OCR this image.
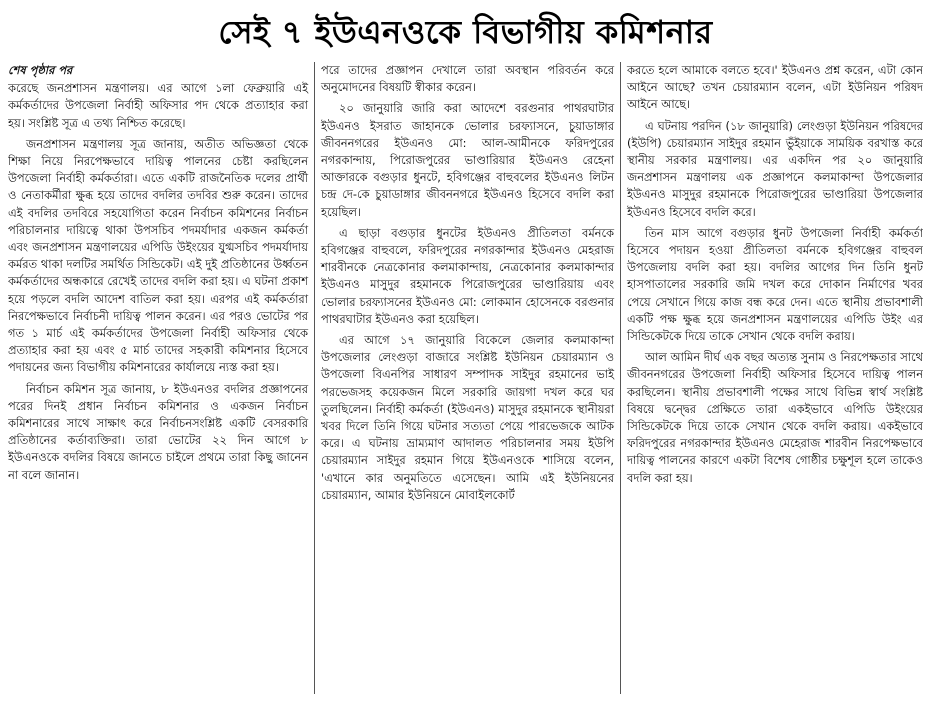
সেই ৭ ইউএনওকে বিভাগীয় কমিশনার
শেষ পৃষ্ঠার পর

করেছে জনপ্রশাসন মন্ত্রণালয়। এর আগে ১লা ফেব্রুয়ারি এই কর্মকর্তাদের উপজেলা নির্বাহী অফিসার পদ থেকে প্রত্যাহার করা হয়। সংশ্লিষ্ট সূত্র এ তথ্য নিশ্চিত করেছে।

জনপ্রশাসন মন্ত্রণালয় সূত্র জানায়, অতীত অভিজ্ঞতা থেকে শিক্ষা নিয়ে নিরপেক্ষভাবে দায়িত্ব পালনের চেষ্টা করছিলেন উপজেলা নির্বাহী কর্মকর্তারা। এতে একটি রাজনৈতিক দলের প্রার্থী ও নেতাকর্মীরা ক্ষুব্ধ হয়ে তাদের বদলির তদবির শুরু করেন। তাদের এই বদলির তদবিরে সহযোগিতা করেন নির্বাচন কমিশনের নির্বাচন পরিচালনার দায়িত্বে থাকা উপসচিব পদমর্যাদার একজন কর্মকর্তা এবং জনপ্রশাসন মন্ত্রণালয়ের এপিডি উইংয়ের যুগ্মসচিব পদমর্যাদায় কর্মরত থাকা দলটির সমর্থিত সিন্ডিকেট। এই দুই প্রতিষ্ঠানের উর্ধ্বতন কর্মকর্তাদের অন্ধকারে রেখেই তাদের বদলি করা হয়। এ ঘটনা প্রকাশ হয়ে পড়লে বদলি আদেশ বাতিল করা হয়। এরপর এই কর্মকর্তারা নিরপেক্ষভাবে নির্বাচনী দায়িত্ব পালন করেন। এর পরও ভোটের পর গত ১ মার্চ এই কর্মকর্তাদের উপজেলা নির্বাহী অফিসার থেকে প্রত্যাহার করা হয় এবং ৫ মার্চ তাদের সহকারী কমিশনার হিসেবে পদায়নের জন্য বিভাগীয় কমিশনারের কার্যালয়ে ন্যস্ত করা হয়।

নির্বাচন কমিশন সূত্র জানায়, ৮ ইউএনওর বদলির প্রজ্ঞাপনের পরের দিনই প্রধান নির্বাচন কমিশনার ও একজন নির্বাচন কমিশনারের সাথে সাক্ষাৎ করে নির্বাচনসংশ্লিষ্ট একটি বেসরকারি প্রতিষ্ঠানের কর্তাব্যক্তিরা। তারা ভোটের ২২ দিন আগে ৮ ইউএনওকে বদলির বিষয়ে জানতে চাইলে প্রথমে তারা কিছু জানেন না বলে জানান।

পরে তাদের প্রজ্ঞাপন দেখালে তারা অবস্থান পরিবর্তন করে অনুমোদনের বিষয়টি স্বীকার করেন।

২০ জানুয়ারি জারি করা আদেশে বরগুনার পাথরঘাটার ইউএনও ইসরাত জাহানকে ভোলার চরফ্যাসনে, চুয়াডাঙ্গার জীবননগরের ইউএনও মো: আল-আমীনকে ফরিদপুরের নগরকান্দায়, পিরোজপুরের ভাণ্ডারিয়ার ইউএনও রেহেনা আক্তারকে বগুড়ার ধুনটে, হবিগঞ্জের বাহুবলের ইউএনও লিটন চন্দ্র দে-কে চুয়াডাঙ্গার জীবননগরে ইউএনও হিসেবে বদলি করা হয়েছিল।

এ ছাড়া বগুড়ার ধুনটের ইউএনও প্রীতিলতা বর্মনকে হবিগঞ্জের বাহুবলে, ফরিদপুরের নগরকান্দার ইউএনও মেহরাজ শারবীনকে নেত্রকোনার কলমাকান্দায়, নেত্রকোনার কলমাকান্দার ইউএনও মাসুদুর রহমানকে পিরোজপুরের ভাণ্ডারিয়ায় এবং ভোলার চরফ্যাসনের ইউএনও মো: লোকমান হোসেনকে বরগুনার পাথরঘাটার ইউএনও করা হয়েছিল।

এর আগে ১৭ জানুয়ারি বিকেলে জেলার কলমাকান্দা উপজেলার লেংগুড়া বাজারে সংশ্লিষ্ট ইউনিয়ন চেয়ারম্যান ও উপজেলা বিএনপির সাধারণ সম্পাদক সাইদুর রহমানের ভাই পরভেজসহ কয়েকজন মিলে সরকারি জায়গা দখল করে ঘর তুলছিলেন। নির্বাহী কর্মকর্তা (ইউএনও) মাসুদুর রহমানকে স্থানীয়রা খবর দিলে তিনি গিয়ে ঘটনার সত্যতা পেয়ে পারভেজকে আটক করে। এ ঘটনায় ভ্রাম্যমাণ আদালত পরিচালনার সময় ইউপি চেয়ারম্যান সাইদুর রহমান গিয়ে ইউএনওকে শাসিয়ে বলেন, 'এখানে কার অনুমতিতে এসেছেন। আমি এই ইউনিয়নের চেয়ারম্যান, আমার ইউনিয়নে মোবাইলকোর্ট

করতে হলে আমাকে বলতে হবে।' ইউএনও প্রশ্ন করেন, এটা কোন আইনে আছে? তখন চেয়ারম্যান বলেন, এটা ইউনিয়ন পরিষদ আইনে আছে।

এ ঘটনায় পরদিন (১৮ জানুয়ারি) লেংগুড়া ইউনিয়ন পরিষদের (ইউপি) চেয়ারম্যান সাইদুর রহমান ভুঁইয়াকে সাময়িক বরখাস্ত করে স্থানীয় সরকার মন্ত্রণালয়। এর একদিন পর ২০ জানুয়ারি জনপ্রশাসন মন্ত্রণালয় এক প্রজ্ঞাপনে কলমাকান্দা উপজেলার ইউএনও মাসুদুর রহমানকে পিরোজপুরের ভাণ্ডারিয়া উপজেলার ইউএনও হিসেবে বদলি করে।

তিন মাস আগে বগুড়ার ধুনট উপজেলা নির্বাহী কর্মকর্তা হিসেবে পদায়ন হওয়া প্রীতিলতা বর্মনকে হবিগঞ্জের বাহুবল উপজেলায় বদলি করা হয়। বদলির আগের দিন তিনি ধুনট হাসপাতালের সরকারি জমি দখল করে দোকান নির্মাণের খবর পেয়ে সেখানে গিয়ে কাজ বন্ধ করে দেন। এতে স্থানীয় প্রভাবশালী একটি পক্ষ ক্ষুব্ধ হয়ে জনপ্রশাসন মন্ত্রণালয়ের এপিডি উইং এর সিন্ডিকেটকে দিয়ে তাকে সেখান থেকে বদলি করায়।

আল আমিন দীর্ঘ এক বছর অত্যন্ত সুনাম ও নিরপেক্ষতার সাথে জীবননগরের উপজেলা নির্বাহী অফিসার হিসেবে দায়িত্ব পালন করছিলেন। স্থানীয় প্রভাবশালী পক্ষের সাথে বিভিন্ন স্বার্থ সংশ্লিষ্ট বিষয়ে দ্বন্দ্বের প্রেক্ষিতে তারা একইভাবে এপিডি উইংয়ের সিন্ডিকেটকে দিয়ে তাকে সেখান থেকে বদলি করায়। একইভাবে ফরিদপুরের নগরকান্দার ইউএনও মেহেরাজ শারবীন নিরপেক্ষভাবে দায়িত্ব পালনের কারণে একটা বিশেষ গোষ্ঠীর চক্ষুশূল হলে তাকেও বদলি করা হয়।
